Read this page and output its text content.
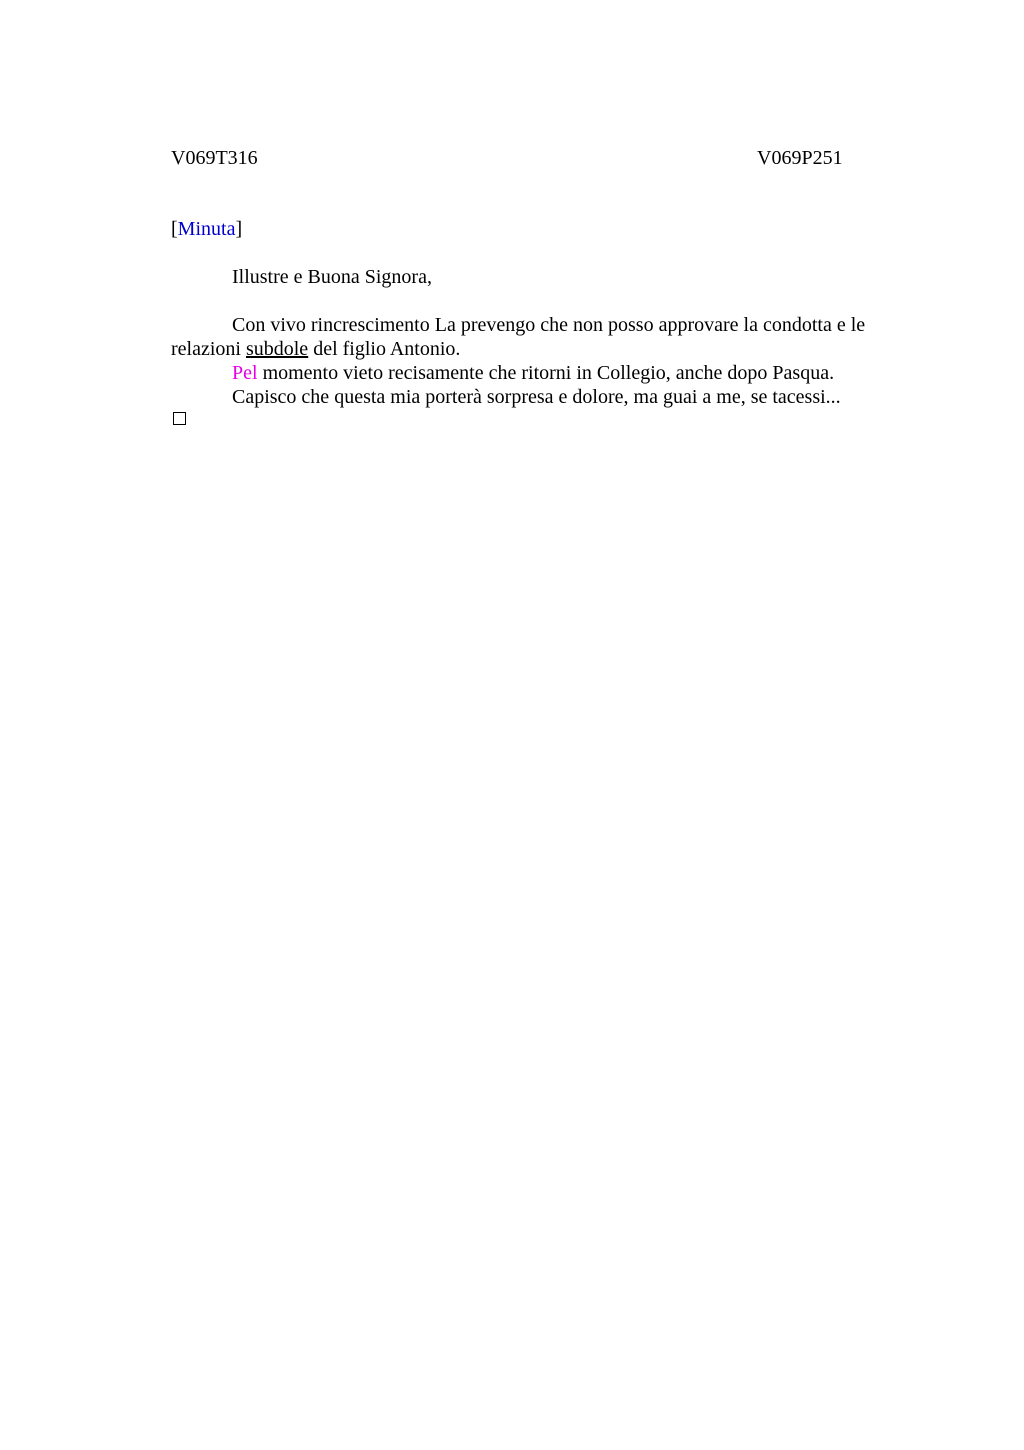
V069T316	V069P251
[Minuta]

Illustre e Buona Signora,

Con vivo rincrescimento La prevengo che non posso approvare la condotta e le relazioni subdole del figlio Antonio.

Pel momento vieto recisamente che ritorni in Collegio, anche dopo Pasqua.

Capisco che questa mia porterà sorpresa e dolore, ma guai a me, se tacessi...
